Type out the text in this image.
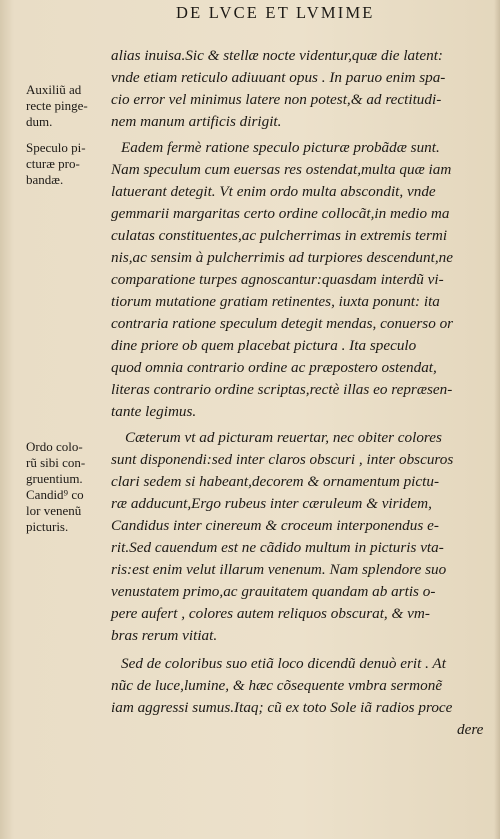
DE LVCE ET LVMIME
Auxiliũ ad
recte pinge-
dum.
Speculo pi-
cturæ pro-
bandæ.
Ordo colo-
rũ sibi con-
gruentium.
Candid⁹ co
lor venenũ
picturis.
alias inuisa.Sic & stellæ nocte videntur,quæ die latent:
vnde etiam reticulo adiuuant opus . In paruo enim spa-
cio error vel minimus latere non potest,& ad rectitudi-
nem manum artificis dirigit.
Eadem fermè ratione speculo picturæ probãdæ sunt.
Nam speculum cum euersas res ostendat,multa quæ iam
latuerant detegit. Vt enim ordo multa abscondit, vnde
gemmarii margaritas certo ordine collocãt,in medio ma
culatas constituentes,ac pulcherrimas in extremis termi
nis,ac sensim à pulcherrimis ad turpiores descendunt,ne
comparatione turpes agnoscantur:quasdam interdũ vi-
tiorum mutatione gratiam retinentes, iuxta ponunt: ita
contraria ratione speculum detegit mendas, conuerso or
dine priore ob quem placebat pictura . Ita speculo
quod omnia contrario ordine ac præpostero ostendat,
literas contrario ordine scriptas,rectè illas eo repræsen-
tante legimus.
Cæterum vt ad picturam reuertar, nec obiter colores
sunt disponendi:sed inter claros obscuri , inter obscuros
clari sedem si habeant,decorem & ornamentum pictu-
ræ adducunt,Ergo rubeus inter cæruleum & viridem,
Candidus inter cinereum & croceum interponendus e-
rit.Sed cauendum est ne cãdido multum in picturis vta-
ris:est enim velut illarum venenum. Nam splendore suo
venustatem primo,ac grauitatem quandam ab artis o-
pere aufert , colores autem reliquos obscurat, & vm-
bras rerum vitiat.
Sed de coloribus suo etiã loco dicendũ denuò erit . At
nũc de luce,lumine, & hæc cõsequente vmbra sermonẽ
iam aggressi sumus.Itaq; cũ ex toto Sole iã radios proce
dere
